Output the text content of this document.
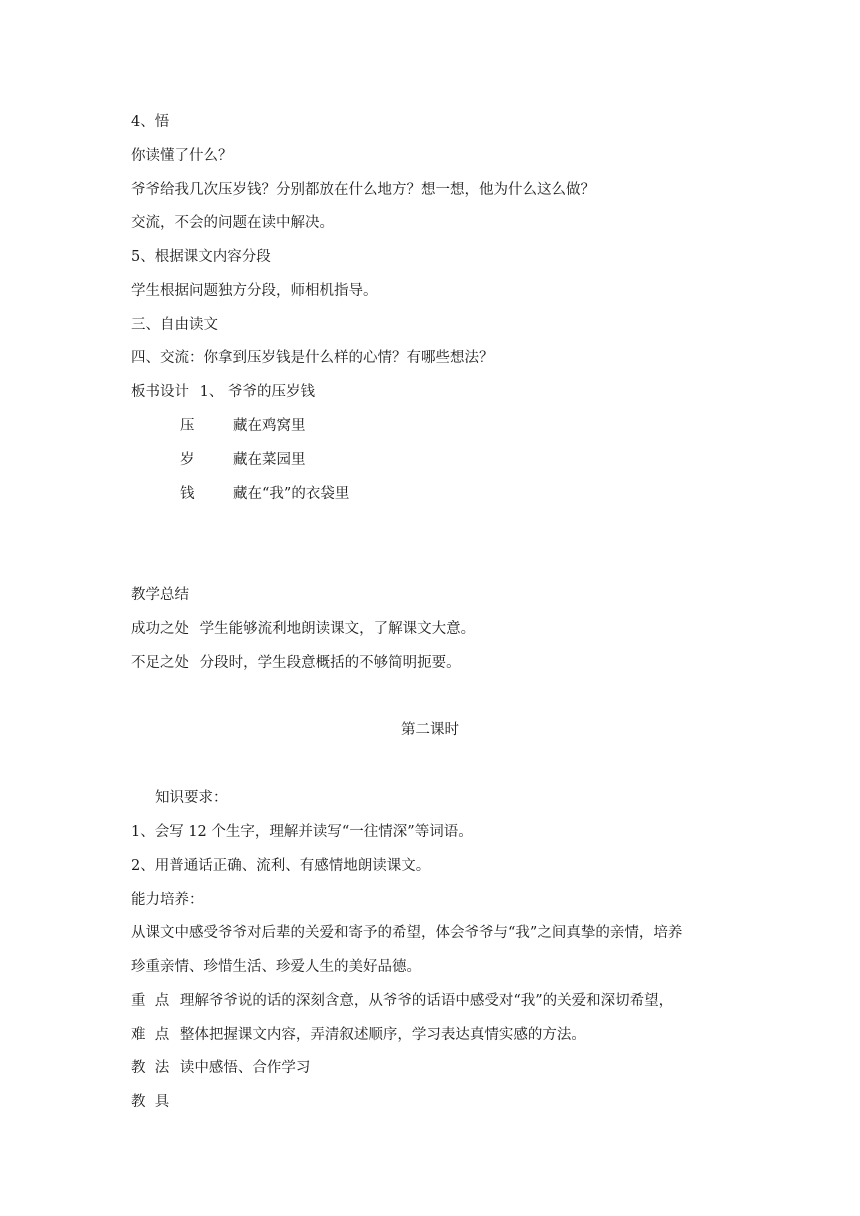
4、悟
你读懂了什么？
爷爷给我几次压岁钱？分别都放在什么地方？想一想，他为什么这么做？
交流，不会的问题在读中解决。
5、根据课文内容分段
学生根据问题独方分段，师相机指导。
三、自由读文
四、交流：你拿到压岁钱是什么样的心情？有哪些想法？
板书设计 1、 爷爷的压岁钱
压	藏在鸡窝里
岁	藏在菜园里
钱	藏在“我”的衣袋里
教学总结
成功之处 学生能够流利地朗读课文，了解课文大意。
不足之处 分段时，学生段意概括的不够简明扼要。
第二课时
知识要求：
1、会写 12 个生字，理解并读写“一往情深”等词语。
2、用普通话正确、流利、有感情地朗读课文。
能力培养：
从课文中感受爷爷对后辈的关爱和寄予的希望，体会爷爷与“我”之间真挚的亲情，培养
珍重亲情、珍惜生活、珍爱人生的美好品德。
重  点 理解爷爷说的话的深刻含意，从爷爷的话语中感受对“我”的关爱和深切希望，
难  点 整体把握课文内容，弄清叙述顺序，学习表达真情实感的方法。
教  法 读中感悟、合作学习
教  具
